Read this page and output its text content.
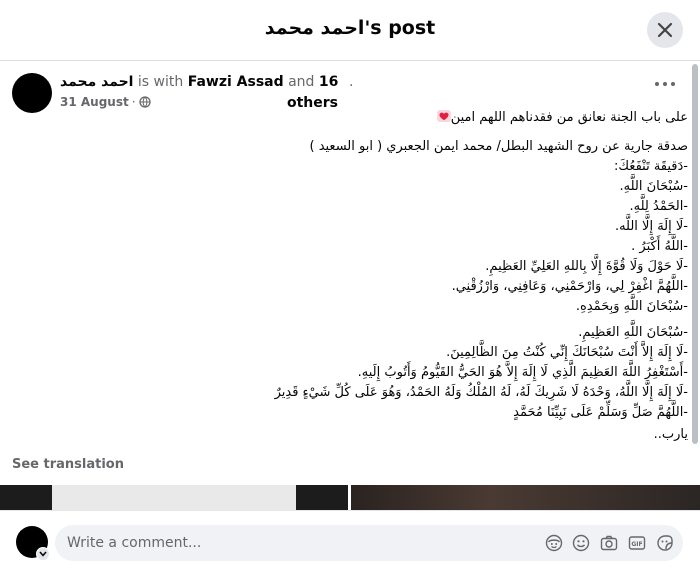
احمد محمد's post
احمد محمد is with Fawzi Assad and 16 .
31 August ·	others
على باب الجنة نعانق من فقدناهم اللهم امين
صدقة جارية عن روح الشهيد البطل/ محمد ايمن الجعبري ( ابو السعيد )
-دَقيقَة تَنْفَعُكَ:
-سُبْحَانَ اللَّهِ.
-الحَمْدُ لِلَّهِ.
-لَا إِلَهَ إِلَّا اللَّه.
-اللَّهُ أَكْبَرُ .
-لَا حَوْلَ وَلَا قُوَّةَ إِلَّا بِاللهِ العَلِيِّ العَظِيمِ.
-اللَّهُمَّ اغْفِرْ لِي، وَارْحَمْنِي، وَعَافِنِي، وَارْزُقْنِي.
-سُبْحَانَ اللَّهِ وَبِحَمْدِهِ.
-سُبْحَانَ اللَّهِ العَظِيمِ.
-لَا إِلَهَ إِلاَّ أَنْتَ سُبْحَانَكَ إِنِّي كُنْتُ مِنَ الظَّالِمِينَ.
-أَسْتَغْفِرُ اللَّهَ العَظِيمَ الَّذِي لَا إِلَهَ إِلاَّ هُوَ الحَيُّ القَيُّومُ وَأَتُوبُ إِلَيهِ.
-لَا إِلَهَ إِلَّا اللَّهُ، وَحْدَهُ لَا شَرِيكَ لَهُ، لَهُ المُلْكُ وَلَهُ الحَمْدُ، وَهُوَ عَلَى كُلِّ شَيْءٍ قَدِيرٌ
-اللَّهُمَّ صَلِّ وَسَلِّمْ عَلَى نَبِيِّنَا مُحَمَّدٍ
يارب..
See translation
Write a comment...
GIF
